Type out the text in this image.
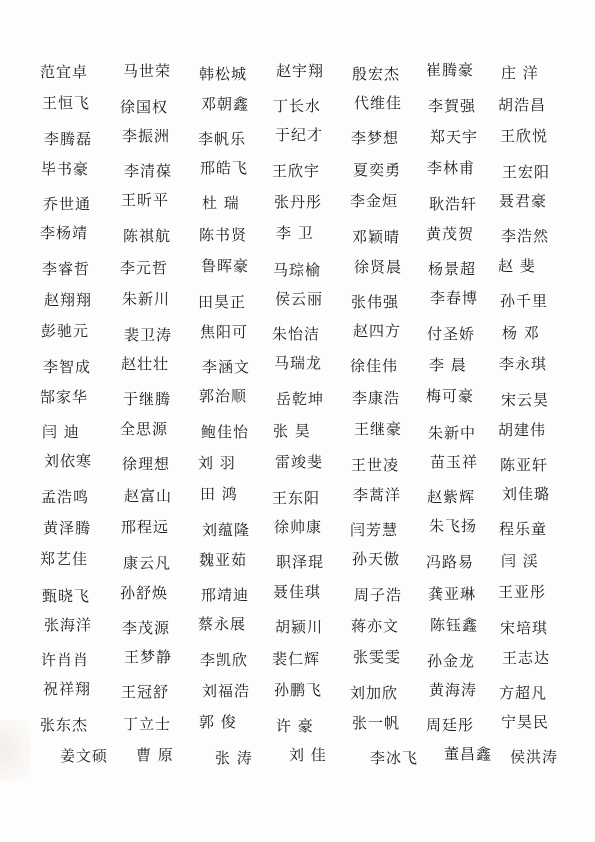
范宜卓 马世荣 韩松城 赵宇翔 殷宏杰 崔腾豪 庄 洋
王恒飞 徐国权 邓朝鑫 丁长水 代维佳 李賀强 胡浩昌
李腾磊 李振洲 李帆乐 于纪才 李梦想 郑天宇 王欣悦
毕书豪 李清葆 邢皓飞 王欣宇 夏奕勇 李林甫 王宏阳
乔世通 王昕平 杜 瑞 张丹彤 李金烜 耿浩轩 聂君豪
李杨靖 陈祺航 陈书贤 李 卫	邓颖晴 黄茂贺 李浩然
李睿哲 李元哲 鲁晖豪 马琮榆 徐贤晨 杨景超 赵 斐
赵翔翔 朱新川 田昊正 侯云丽 张伟强 李春博 孙千里
彭驰元 裴卫涛 焦阳可 朱怡洁 赵四方 付圣娇 杨 邓
李智成 赵壮壮 李涵文 马瑞龙 徐佳伟 李 晨 李永琪
郜家华 于继腾 郭治顺 岳乾坤 李康浩 梅可豪 宋云昊
闫 迪	全思源 鲍佳怡 张 昊	王继豪 朱新中 胡建伟
刘依寒 徐理想 刘 羽	雷竣斐 王世凌 苗玉祥 陈亚轩
孟浩鸣 赵富山 田 鸿 王东阳 李蒿洋 赵紫辉 刘佳璐
黄泽腾 邢程远 刘蕴隆 徐帅康 闫芳慧 朱飞扬 程乐童
郑艺佳 康云凡 魏亚茹 职泽琨 孙天傲 冯路易 闫 渓
甄晓飞 孙舒焕 邢靖迪 聂佳琪 周子浩 龚亚琳 王亚彤
张海洋 李茂源 蔡永展 胡颍川 蒋亦文 陈钰鑫 宋培琪
许肖肖 王梦静 李凯欣 裴仁辉 张雯雯 孙金龙 王志达
祝祥翔 王冠舒 刘福浩 孙鹏飞 刘加欣 黄海涛 方超凡
张东杰 丁立士 郭 俊	许 豪	张一帆 周廷彤 宁昊民
姜文硕 曹 原	张 涛 刘 佳	李冰飞 董昌鑫 侯洪涛
